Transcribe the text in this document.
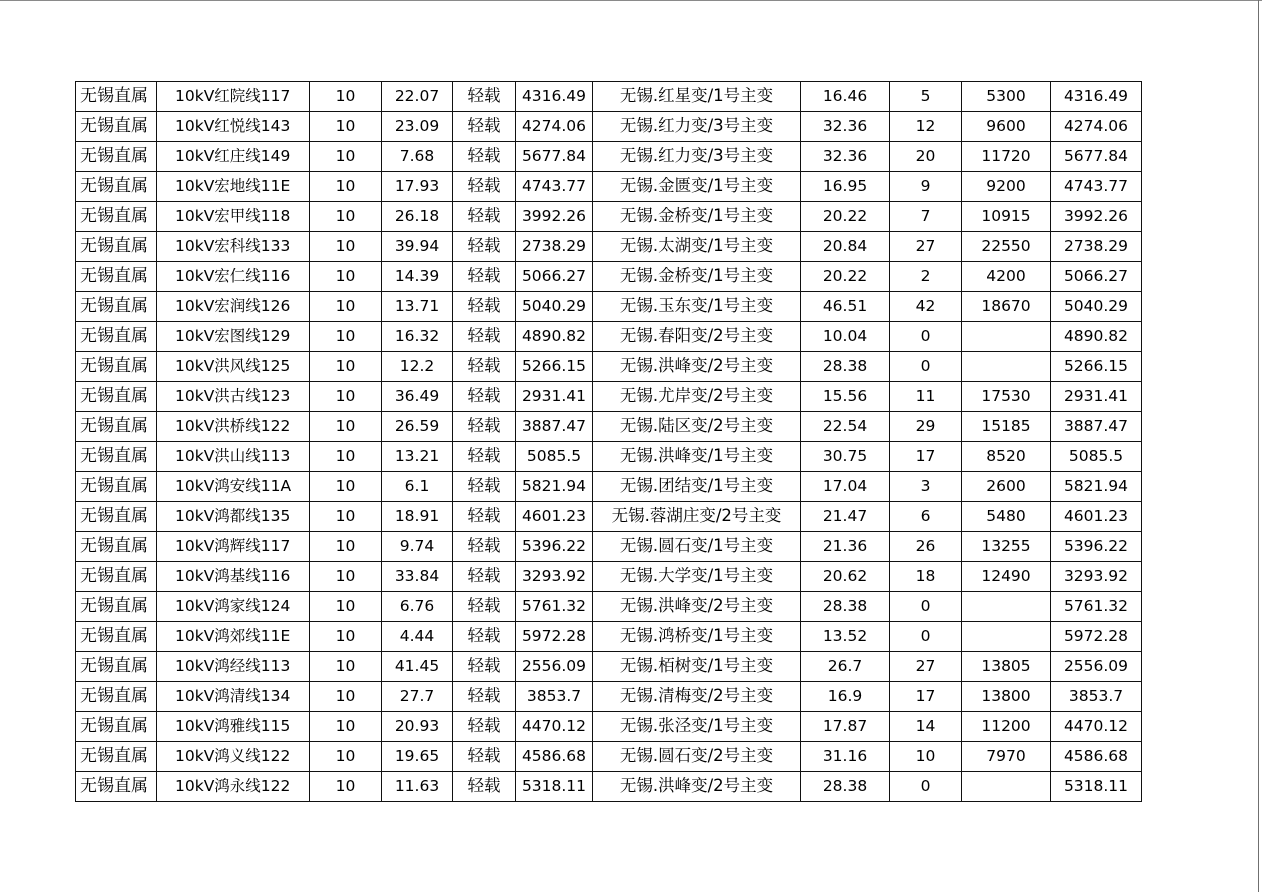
无锡直属	10kV红院线117	10	22.07	轻载	4316.49	无锡.红星变/1号主变	16.46	5	5300	4316.49
无锡直属	10kV红悦线143	10	23.09	轻载	4274.06	无锡.红力变/3号主变	32.36	12	9600	4274.06
无锡直属	10kV红庄线149	10	7.68	轻载	5677.84	无锡.红力变/3号主变	32.36	20	11720	5677.84
无锡直属	10kV宏地线11E	10	17.93	轻载	4743.77	无锡.金匮变/1号主变	16.95	9	9200	4743.77
无锡直属	10kV宏甲线118	10	26.18	轻载	3992.26	无锡.金桥变/1号主变	20.22	7	10915	3992.26
无锡直属	10kV宏科线133	10	39.94	轻载	2738.29	无锡.太湖变/1号主变	20.84	27	22550	2738.29
无锡直属	10kV宏仁线116	10	14.39	轻载	5066.27	无锡.金桥变/1号主变	20.22	2	4200	5066.27
无锡直属	10kV宏润线126	10	13.71	轻载	5040.29	无锡.玉东变/1号主变	46.51	42	18670	5040.29
无锡直属	10kV宏图线129	10	16.32	轻载	4890.82	无锡.春阳变/2号主变	10.04	0		4890.82
无锡直属	10kV洪风线125	10	12.2	轻载	5266.15	无锡.洪峰变/2号主变	28.38	0		5266.15
无锡直属	10kV洪古线123	10	36.49	轻载	2931.41	无锡.尤岸变/2号主变	15.56	11	17530	2931.41
无锡直属	10kV洪桥线122	10	26.59	轻载	3887.47	无锡.陆区变/2号主变	22.54	29	15185	3887.47
无锡直属	10kV洪山线113	10	13.21	轻载	5085.5	无锡.洪峰变/1号主变	30.75	17	8520	5085.5
无锡直属	10kV鸿安线11A	10	6.1	轻载	5821.94	无锡.团结变/1号主变	17.04	3	2600	5821.94
无锡直属	10kV鸿都线135	10	18.91	轻载	4601.23	无锡.蓉湖庄变/2号主变	21.47	6	5480	4601.23
无锡直属	10kV鸿辉线117	10	9.74	轻载	5396.22	无锡.圆石变/1号主变	21.36	26	13255	5396.22
无锡直属	10kV鸿基线116	10	33.84	轻载	3293.92	无锡.大学变/1号主变	20.62	18	12490	3293.92
无锡直属	10kV鸿家线124	10	6.76	轻载	5761.32	无锡.洪峰变/2号主变	28.38	0		5761.32
无锡直属	10kV鸿郊线11E	10	4.44	轻载	5972.28	无锡.鸿桥变/1号主变	13.52	0		5972.28
无锡直属	10kV鸿经线113	10	41.45	轻载	2556.09	无锡.栢树变/1号主变	26.7	27	13805	2556.09
无锡直属	10kV鸿清线134	10	27.7	轻载	3853.7	无锡.清梅变/2号主变	16.9	17	13800	3853.7
无锡直属	10kV鸿雅线115	10	20.93	轻载	4470.12	无锡.张泾变/1号主变	17.87	14	11200	4470.12
无锡直属	10kV鸿义线122	10	19.65	轻载	4586.68	无锡.圆石变/2号主变	31.16	10	7970	4586.68
无锡直属	10kV鸿永线122	10	11.63	轻载	5318.11	无锡.洪峰变/2号主变	28.38	0		5318.11
